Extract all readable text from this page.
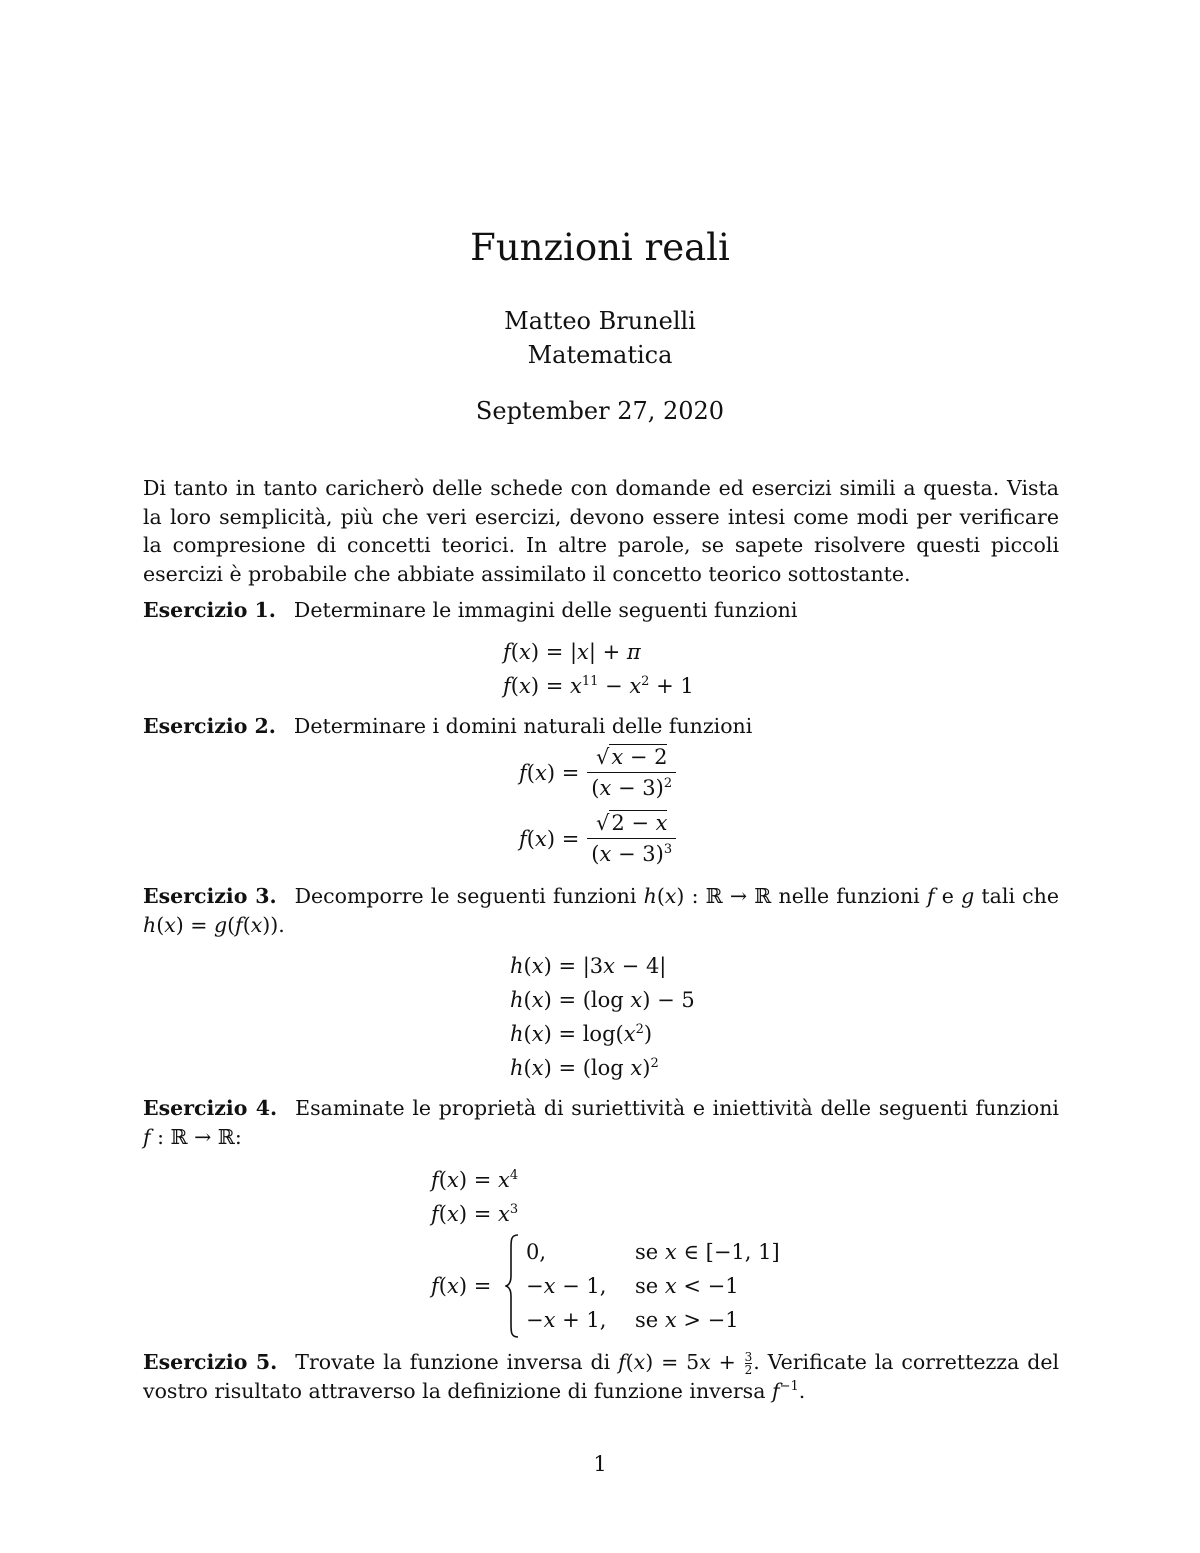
Funzioni reali
Matteo Brunelli
Matematica
September 27, 2020
Di tanto in tanto caricherò delle schede con domande ed esercizi simili a questa. Vista la loro semplicità, più che veri esercizi, devono essere intesi come modi per verificare la compresione di concetti teorici. In altre parole, se sapete risolvere questi piccoli esercizi è probabile che abbiate assimilato il concetto teorico sottostante.
Esercizio 1. Determinare le immagini delle seguenti funzioni
f(x) = |x| + π
$f(x) = x^{11} - x^2 + 1$
Esercizio 2. Determinare i domini naturali delle funzioni
$f(x) = \frac{√x - 2}{(x - 3)^2}$
$f(x) = \frac{√2 - x}{(x - 3)^3}$
Esercizio 3. Decomporre le seguenti funzioni h(x) : ℝ → ℝ nelle funzioni f e g tali che h(x) = g(f(x)).
h(x) = |3x − 4|
h(x) = (log x) − 5
$h(x) = \log(x^2)$
h(x) = (log x)$^2$
Esercizio 4. Esaminate le proprietà di suriettività e iniettività delle seguenti funzioni f : ℝ → ℝ:
$f(x) = x^4$
$f(x) = x^3$
f(x) =
0,	se x ∈ [−1, 1]
−x − 1, se x < −1
−x + 1, se x > −1
Esercizio 5. Trovate la funzione inversa di $f(x) = 5x + \frac{3}{2}$ . Verificate la correttezza del vostro risultato attraverso la definizione di funzione inversa $f^{-1}$.
1
